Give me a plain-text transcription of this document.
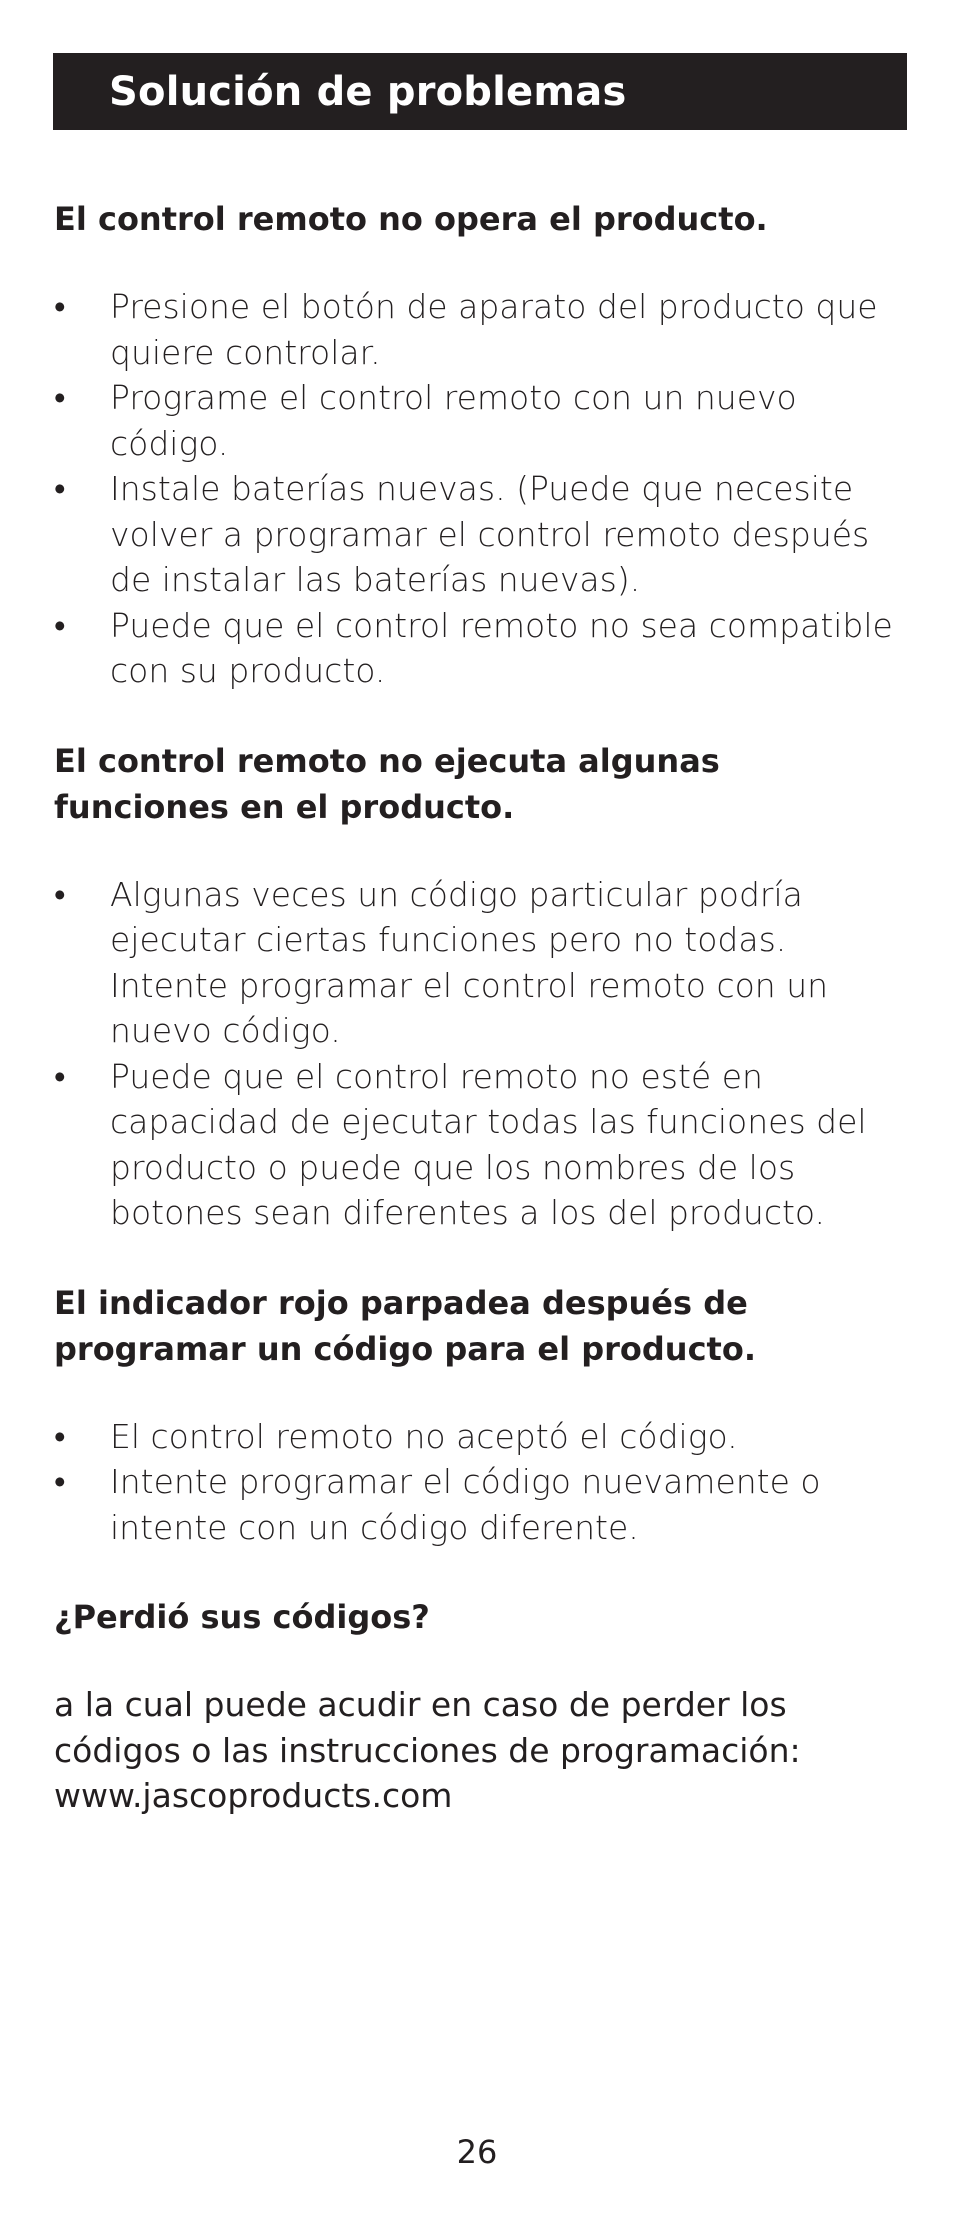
Solución de problemas

El control remoto no opera el producto.

• Presione el botón de aparato del producto que quiere controlar.
• Programe el control remoto con un nuevo código.
• Instale baterías nuevas. (Puede que necesite volver a programar el control remoto después de instalar las baterías nuevas).
• Puede que el control remoto no sea compatible con su producto.

El control remoto no ejecuta algunas funciones en el producto.

• Algunas veces un código particular podría ejecutar ciertas funciones pero no todas. Intente programar el control remoto con un nuevo código.
• Puede que el control remoto no esté en capacidad de ejecutar todas las funciones del producto o puede que los nombres de los botones sean diferentes a los del producto.

El indicador rojo parpadea después de programar un código para el producto.

• El control remoto no aceptó el código.
• Intente programar el código nuevamente o intente con un código diferente.

¿Perdió sus códigos?

a la cual puede acudir en caso de perder los códigos o las instrucciones de programación:
www.jascoproducts.com

26
